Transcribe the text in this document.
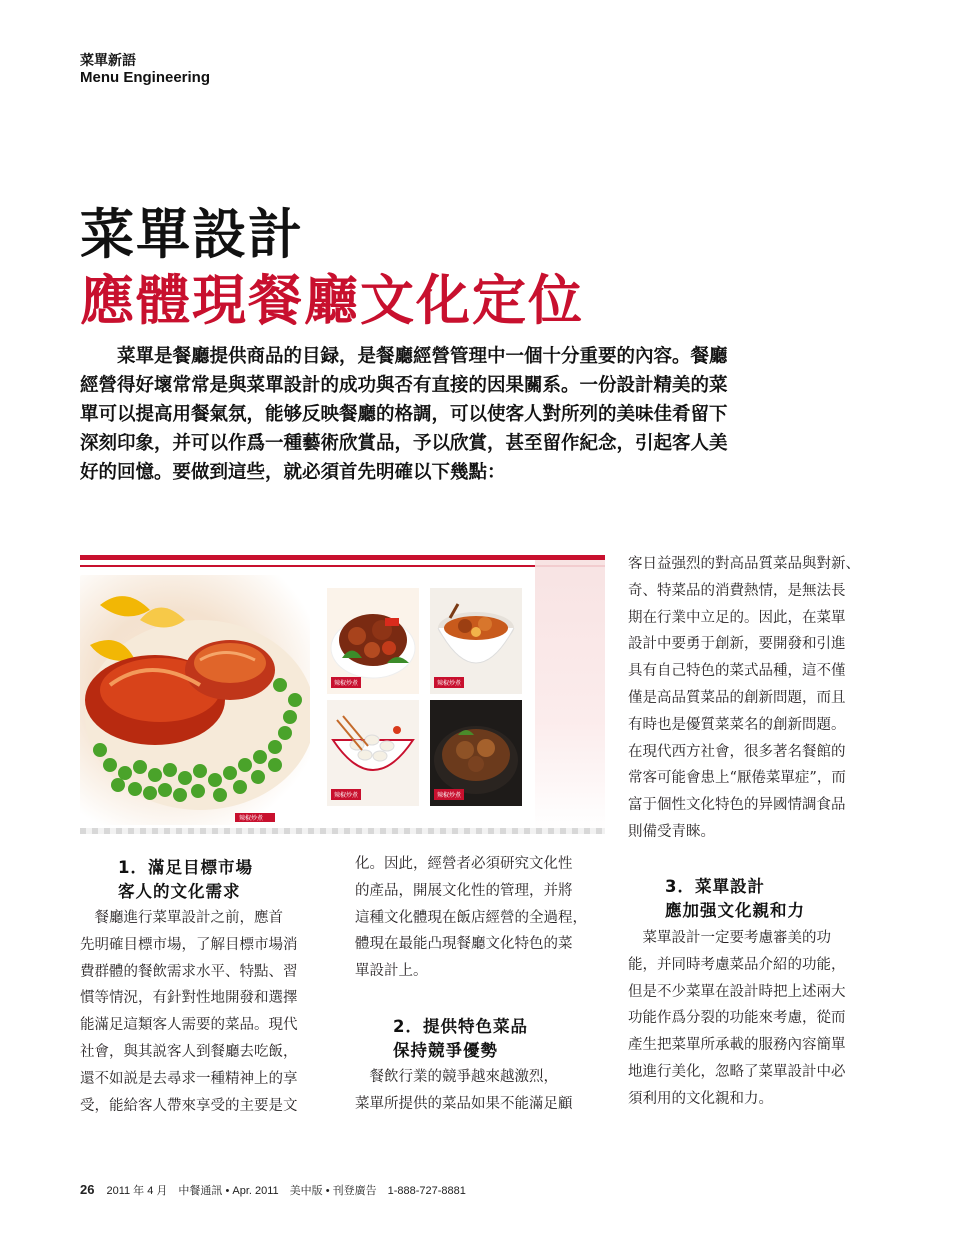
菜單新語
Menu Engineering
菜單設計
應體現餐廳文化定位
　　菜單是餐廳提供商品的目録，是餐廳經營管理中一個十分重要的內容。餐廳
經營得好壞常常是與菜單設計的成功與否有直接的因果關系。一份設計精美的菜
單可以提高用餐氣氛，能够反映餐廳的格調，可以使客人對所列的美味佳肴留下
深刻印象，并可以作爲一種藝術欣賞品，予以欣賞，甚至留作紀念，引起客人美
好的回憶。要做到這些，就必須首先明確以下幾點：
辣椒炒煮
辣椒炒煮	辣椒炒煮
辣椒炒煮	辣椒炒煮
客日益强烈的對高品質菜品與對新、
奇、特菜品的消費熱情，是無法長
期在行業中立足的。因此，在菜單
設計中要勇于創新，要開發和引進
具有自己特色的菜式品種，這不僅
僅是高品質菜品的創新問題，而且
有時也是優質菜菜名的創新問題。
在現代西方社會，很多著名餐館的
常客可能會患上“厭倦菜單症”，而
富于個性文化特色的异國情調食品
則備受青睞。
1．滿足目標市場
客人的文化需求
　餐廳進行菜單設計之前，應首
先明確目標市場，了解目標市場消
費群體的餐飲需求水平、特點、習
慣等情況，有針對性地開發和選擇
能滿足這類客人需要的菜品。現代
社會，與其説客人到餐廳去吃飯，
還不如説是去尋求一種精神上的享
受，能給客人帶來享受的主要是文
化。因此，經營者必須研究文化性
的產品，開展文化性的管理，并將
這種文化體現在飯店經營的全過程，
體現在最能凸現餐廳文化特色的菜
單設計上。
2．提供特色菜品
保持競爭優勢
　餐飲行業的競爭越來越激烈，
菜單所提供的菜品如果不能滿足顧
3．菜單設計
應加强文化親和力
　菜單設計一定要考慮審美的功
能，并同時考慮菜品介紹的功能，
但是不少菜單在設計時把上述兩大
功能作爲分裂的功能來考慮，從而
產生把菜單所承載的服務內容簡單
地進行美化，忽略了菜單設計中必
須利用的文化親和力。
26 2011 年 4 月　中餐通訊 • Apr. 2011　美中版 • 刊登廣告　1-888-727-8881
